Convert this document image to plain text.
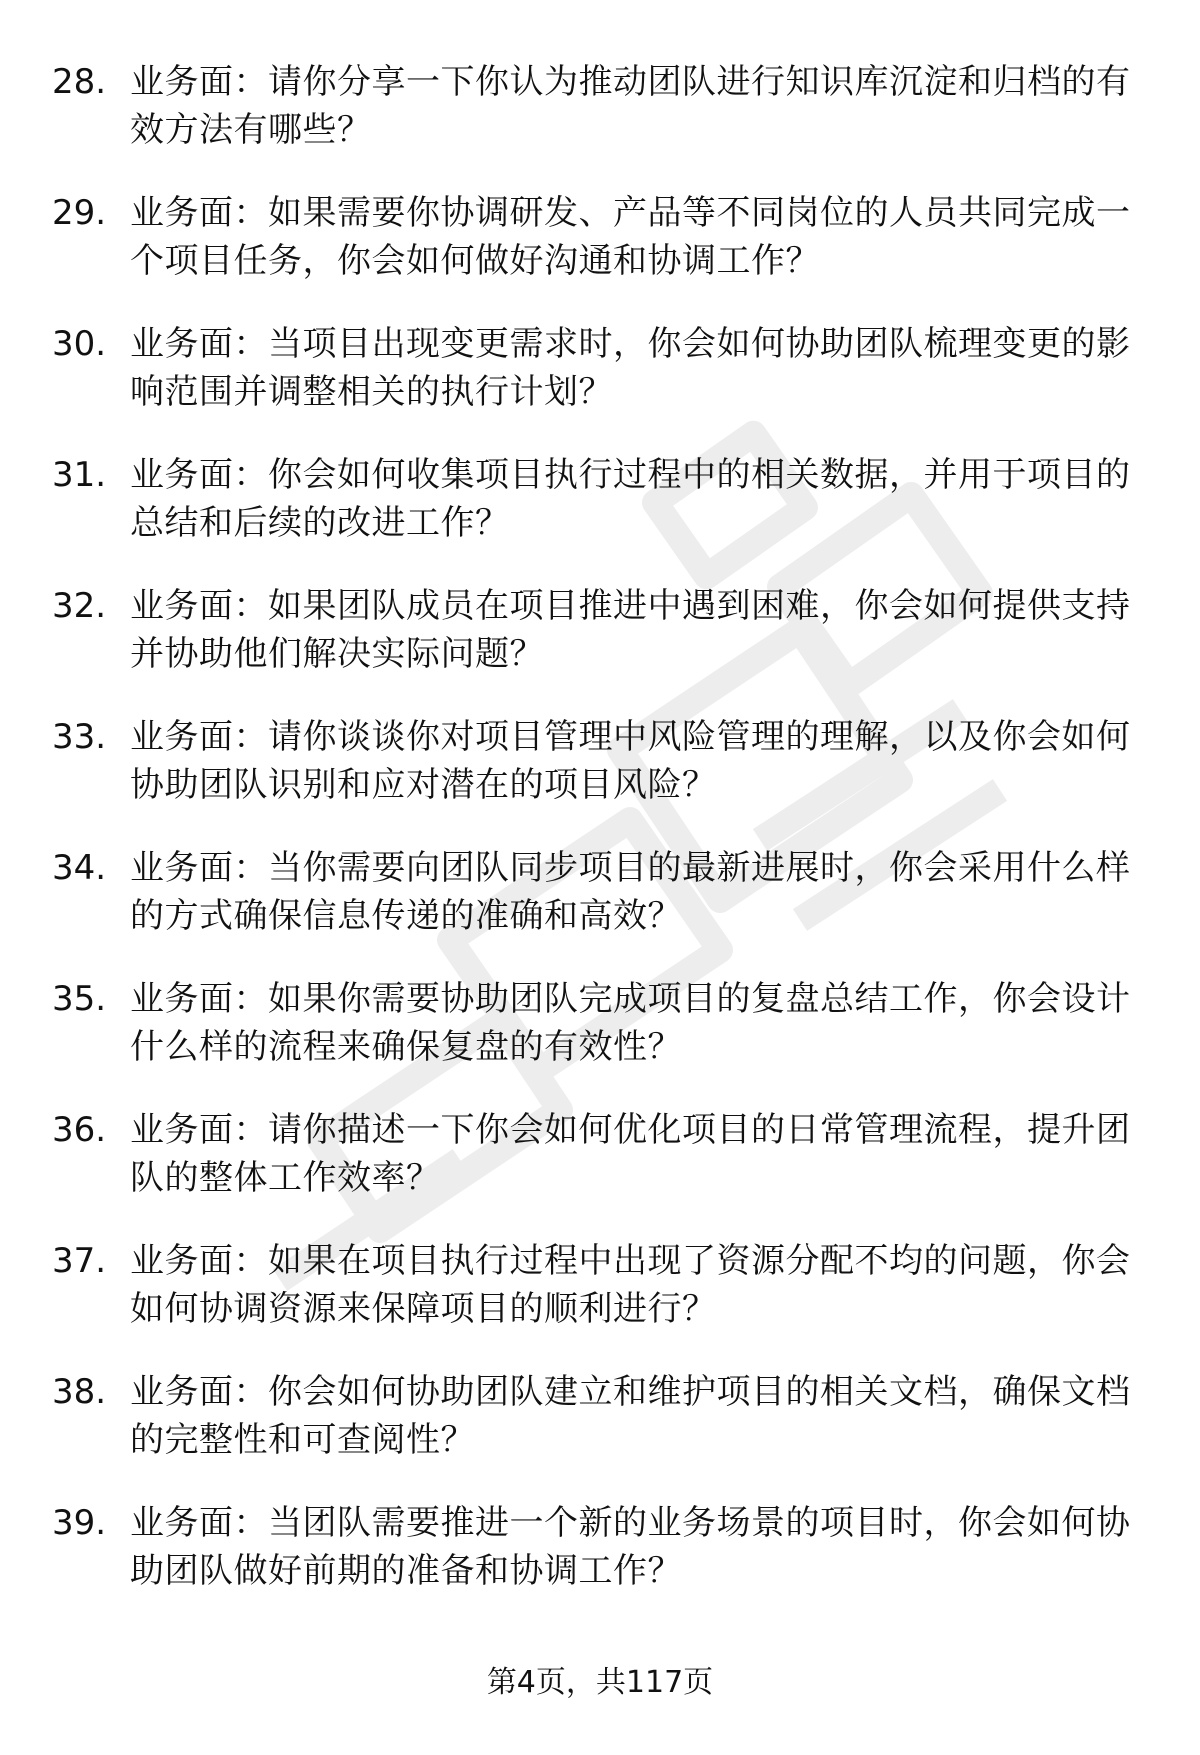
28. 业务面：请你分享一下你认为推动团队进行知识库沉淀和归档的有效方法有哪些？
29. 业务面：如果需要你协调研发、产品等不同岗位的人员共同完成一个项目任务，你会如何做好沟通和协调工作？
30. 业务面：当项目出现变更需求时，你会如何协助团队梳理变更的影响范围并调整相关的执行计划？
31. 业务面：你会如何收集项目执行过程中的相关数据，并用于项目的总结和后续的改进工作？
32. 业务面：如果团队成员在项目推进中遇到困难，你会如何提供支持并协助他们解决实际问题？
33. 业务面：请你谈谈你对项目管理中风险管理的理解，以及你会如何协助团队识别和应对潜在的项目风险？
34. 业务面：当你需要向团队同步项目的最新进展时，你会采用什么样的方式确保信息传递的准确和高效？
35. 业务面：如果你需要协助团队完成项目的复盘总结工作，你会设计什么样的流程来确保复盘的有效性？
36. 业务面：请你描述一下你会如何优化项目的日常管理流程，提升团队的整体工作效率？
37. 业务面：如果在项目执行过程中出现了资源分配不均的问题，你会如何协调资源来保障项目的顺利进行？
38. 业务面：你会如何协助团队建立和维护项目的相关文档，确保文档的完整性和可查阅性？
39. 业务面：当团队需要推进一个新的业务场景的项目时，你会如何协助团队做好前期的准备和协调工作？
第4页，共117页
